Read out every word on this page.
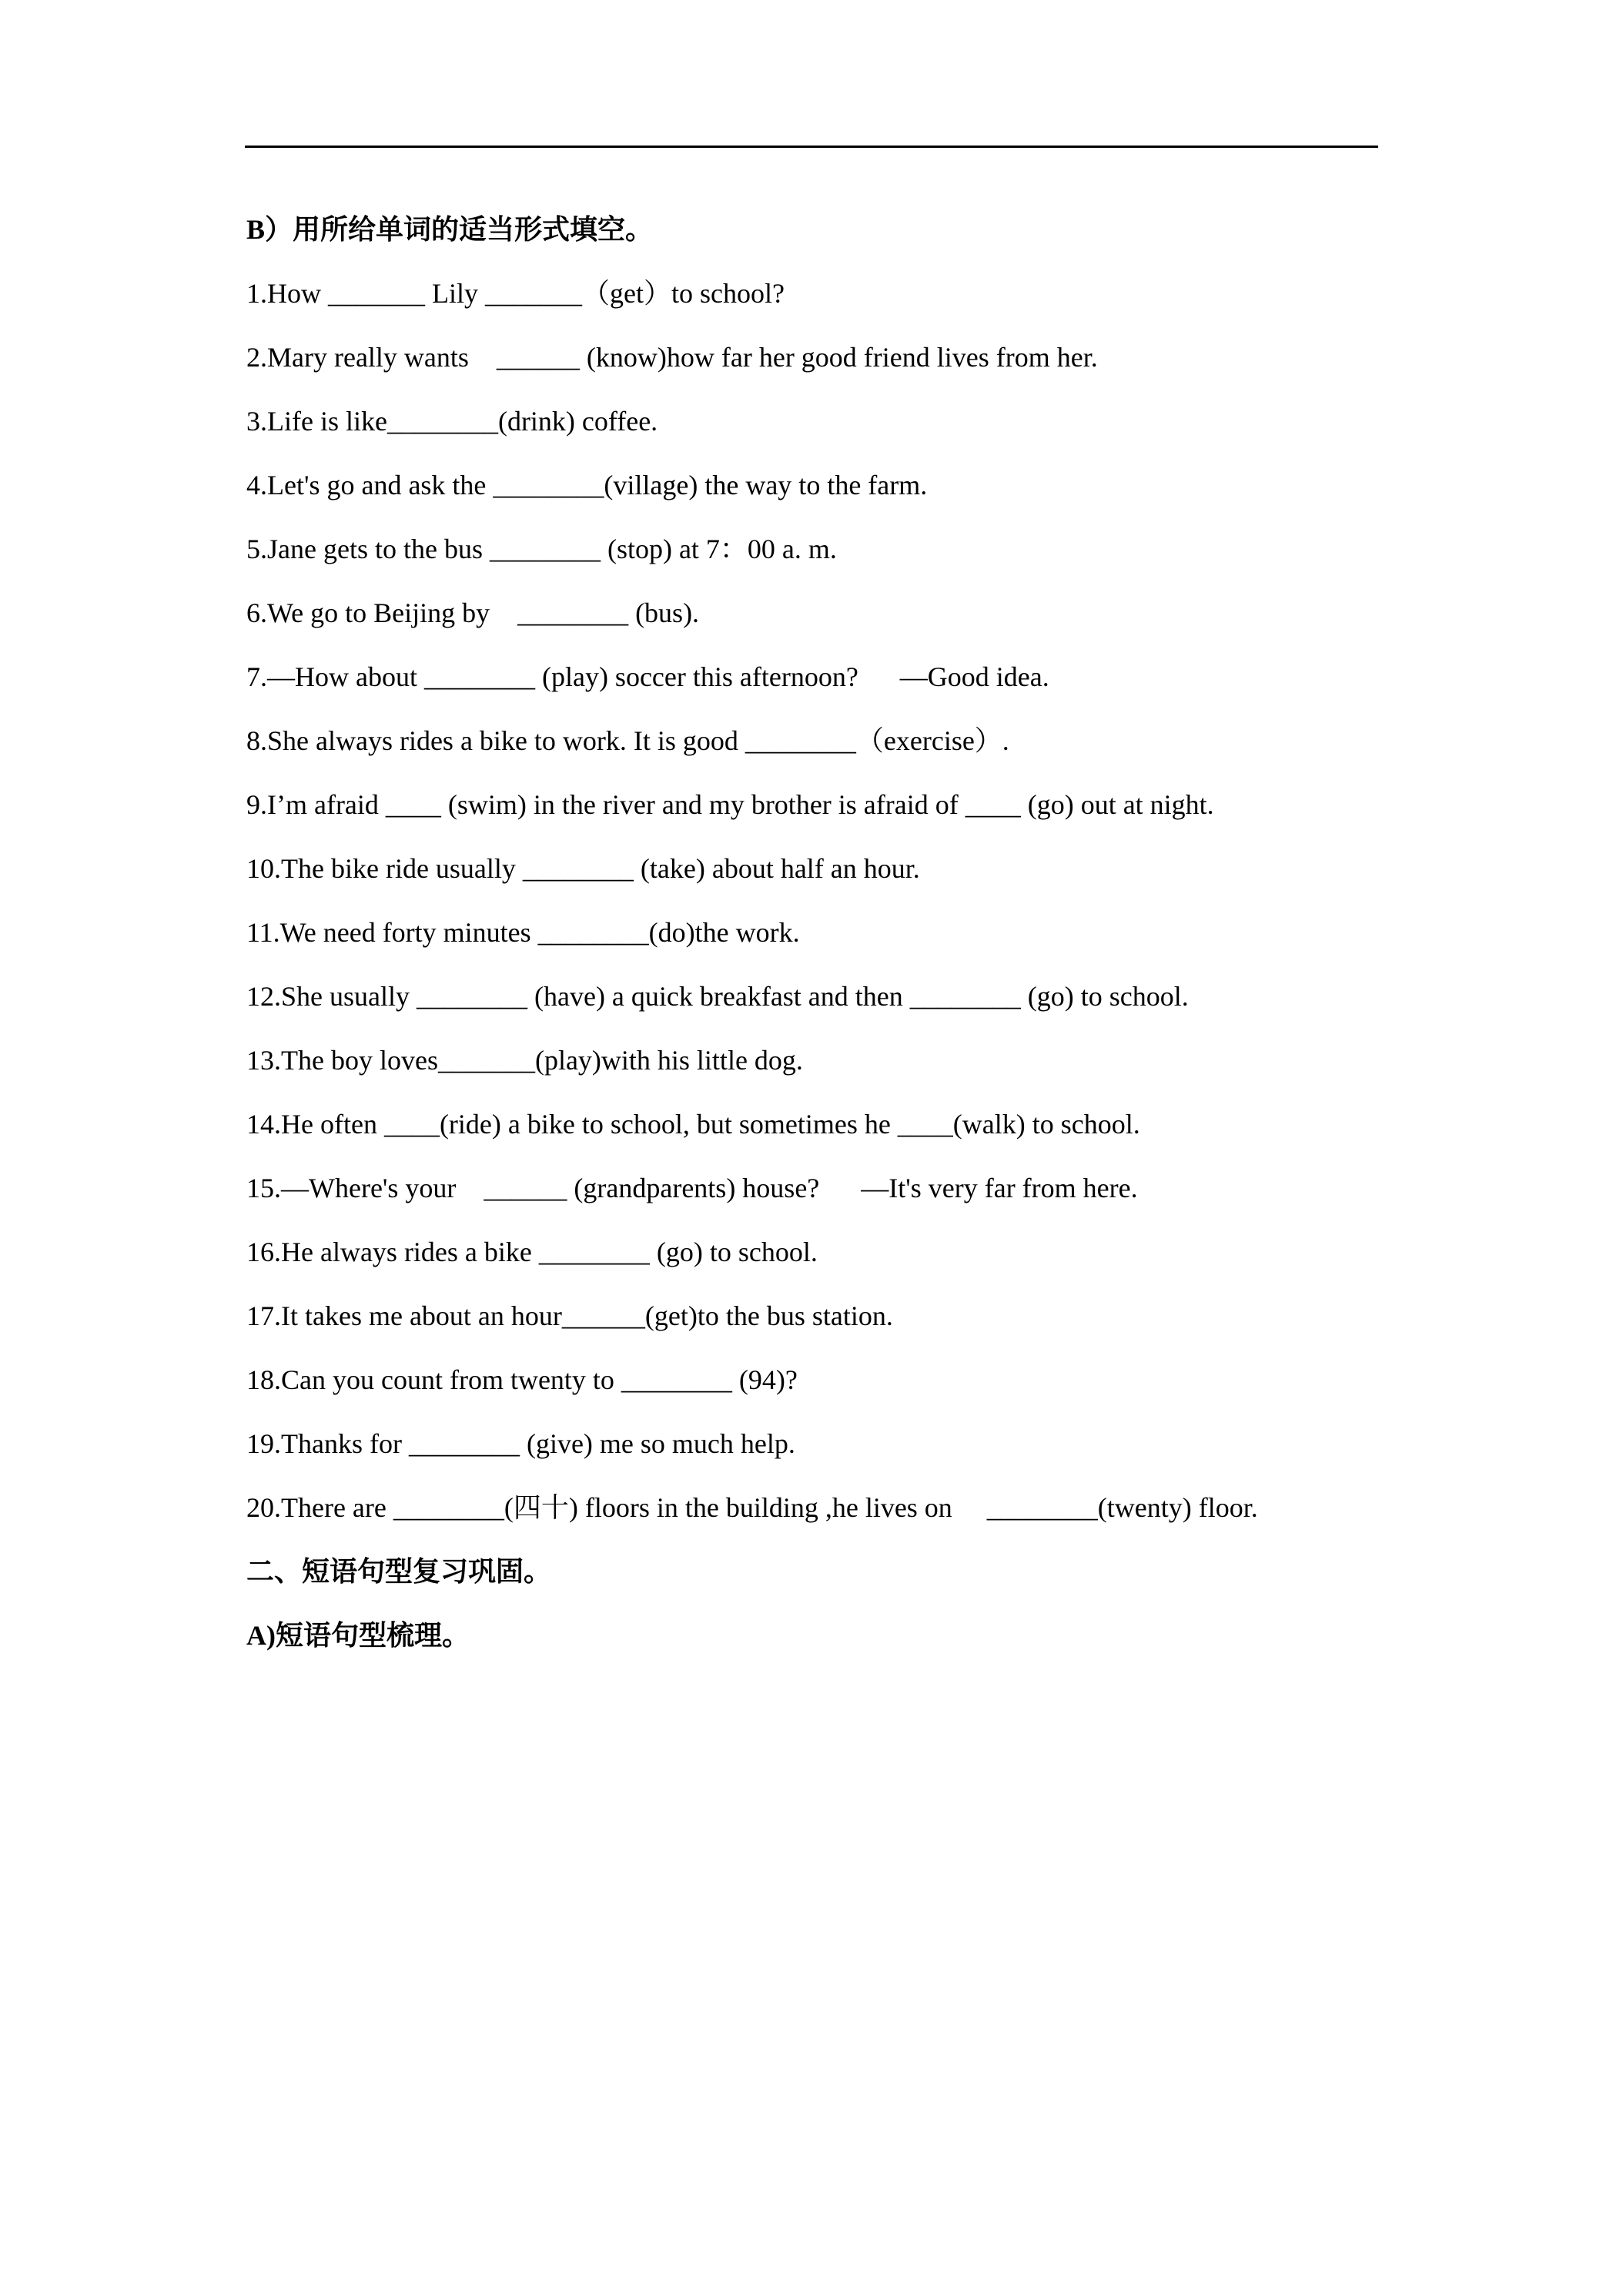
B）用所给单词的适当形式填空。
1.How _______ Lily _______（get）to school?
2.Mary really wants    ______ (know)how far her good friend lives from her.
3.Life is like________(drink) coffee.
4.Let's go and ask the ________(village) the way to the farm.
5.Jane gets to the bus ________ (stop) at 7：00 a. m.
6.We go to Beijing by    ________ (bus).
7.—How about ________ (play) soccer this afternoon?      —Good idea.
8.She always rides a bike to work. It is good ________（exercise）.
9.I’m afraid ____ (swim) in the river and my brother is afraid of ____ (go) out at night.
10.The bike ride usually ________ (take) about half an hour.
11.We need forty minutes ________(do)the work.
12.She usually ________ (have) a quick breakfast and then ________ (go) to school.
13.The boy loves_______(play)with his little dog.
14.He often ____(ride) a bike to school, but sometimes he ____(walk) to school.
15.—Where's your    ______ (grandparents) house?      —It's very far from here.
16.He always rides a bike ________ (go) to school.
17.It takes me about an hour______(get)to the bus station.
18.Can you count from twenty to ________ (94)?
19.Thanks for ________ (give) me so much help.
20.There are ________(四十) floors in the building ,he lives on     ________(twenty) floor.
二、短语句型复习巩固。
A)短语句型梳理。
